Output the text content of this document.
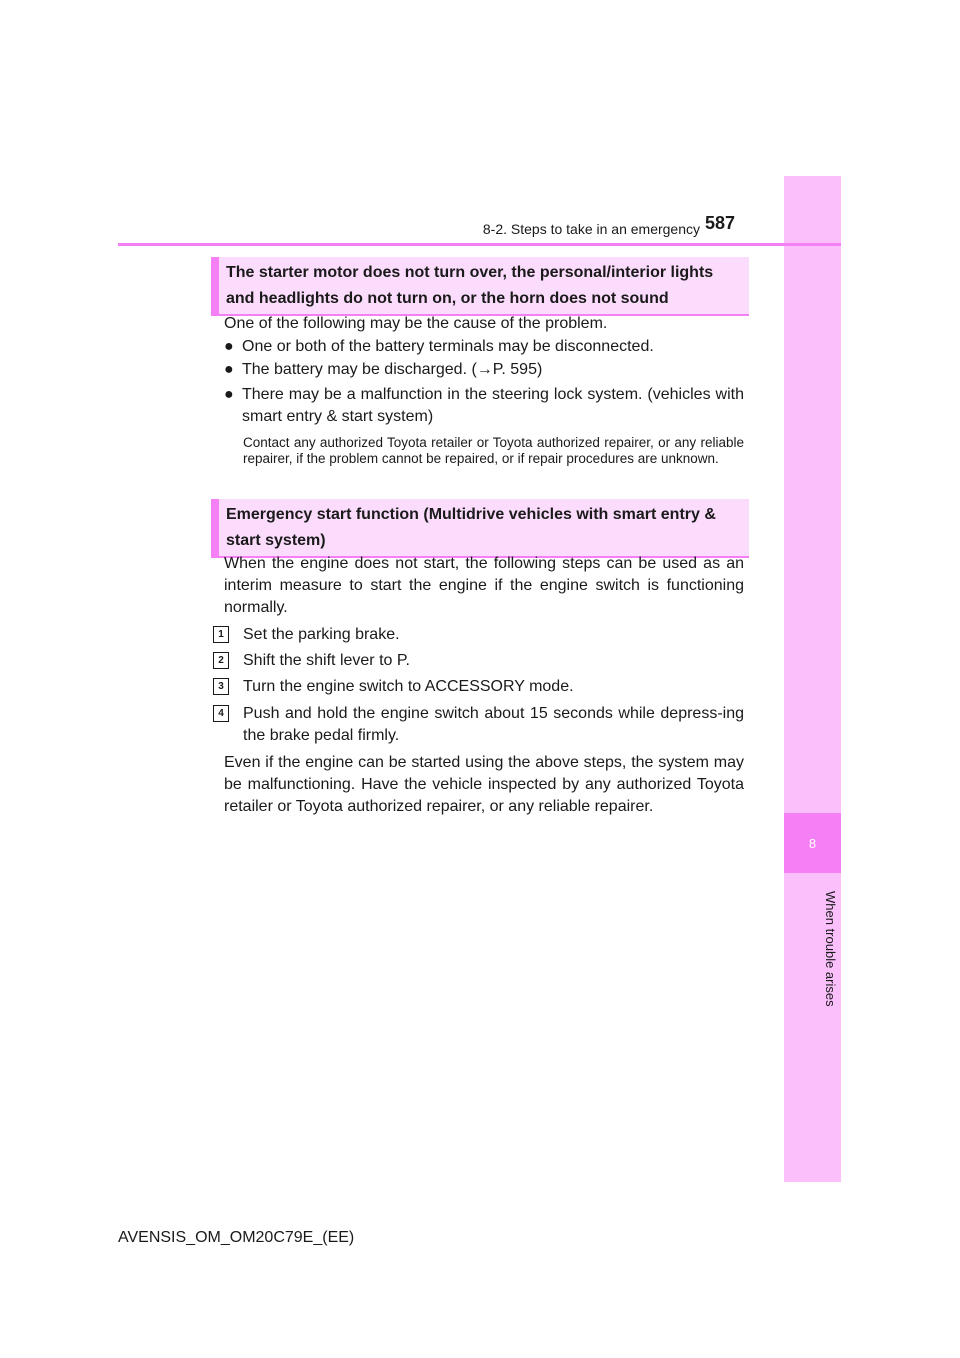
8
When trouble arises
8-2. Steps to take in an emergency 587
The starter motor does not turn over, the personal/interior lights
and headlights do not turn on, or the horn does not sound
One of the following may be the cause of the problem.
● One or both of the battery terminals may be disconnected.
● The battery may be discharged. (→P. 595)
● There may be a malfunction in the steering lock system. (vehicles with smart entry & start system)
Contact any authorized Toyota retailer or Toyota authorized repairer, or any reliable repairer, if the problem cannot be repaired, or if repair procedures are unknown.
Emergency start function (Multidrive vehicles with smart entry &
start system)
When the engine does not start, the following steps can be used as an interim measure to start the engine if the engine switch is functioning normally.
1	Set the parking brake.
2	Shift the shift lever to P.
3	Turn the engine switch to ACCESSORY mode.
4	Push and hold the engine switch about 15 seconds while depress-ing the brake pedal firmly.
Even if the engine can be started using the above steps, the system may be malfunctioning. Have the vehicle inspected by any authorized Toyota retailer or Toyota authorized repairer, or any reliable repairer.
AVENSIS_OM_OM20C79E_(EE)
